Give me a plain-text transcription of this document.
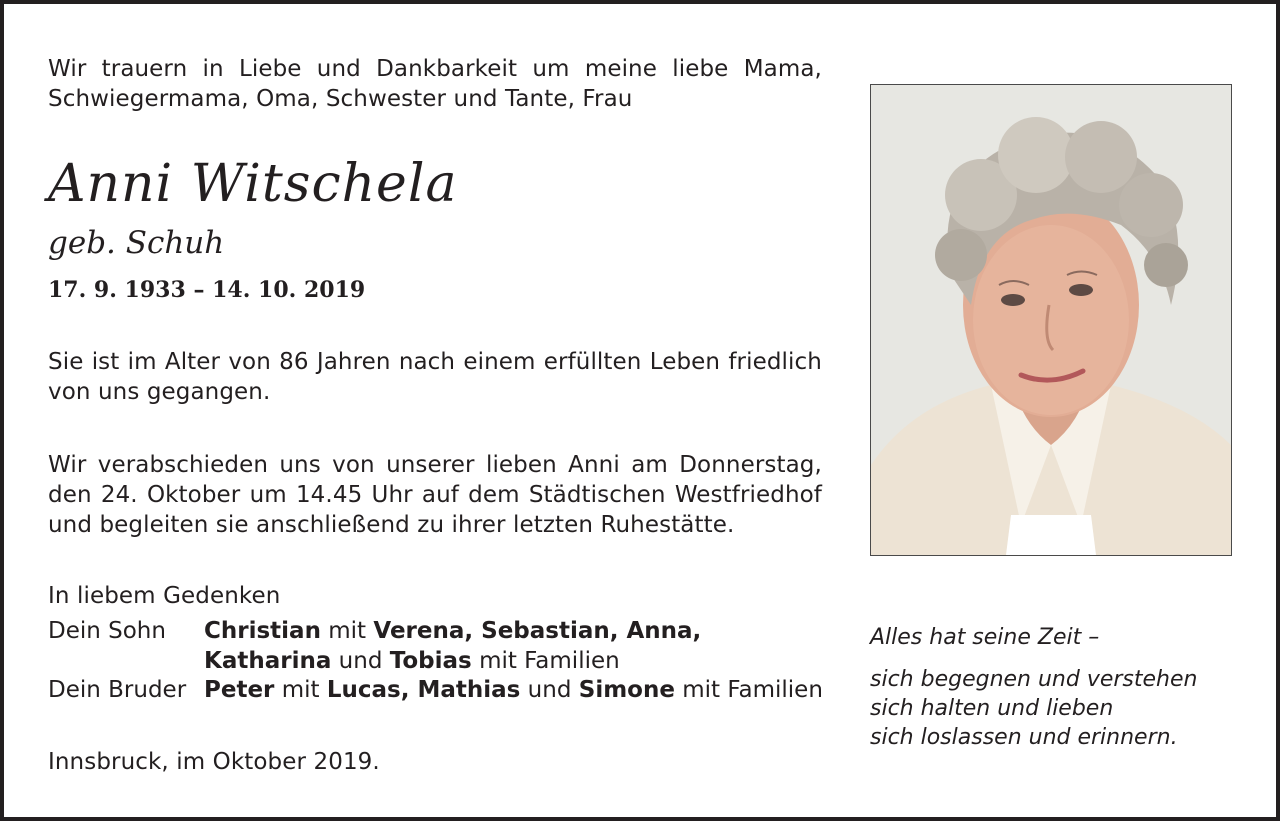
Wir trauern in Liebe und Dankbarkeit um meine liebe Mama,
Schwiegermama, Oma, Schwester und Tante, Frau
Anni Witschela
geb. Schuh
17. 9. 1933 – 14. 10. 2019
Sie ist im Alter von 86 Jahren nach einem erfüllten Leben friedlich
von uns gegangen.
Wir verabschieden uns von unserer lieben Anni am Donnerstag,
den 24. Oktober um 14.45 Uhr auf dem Städtischen Westfriedhof
und begleiten sie anschließend zu ihrer letzten Ruhestätte.
In liebem Gedenken
Dein Sohn Christian mit Verena, Sebastian, Anna,
Katharina und Tobias mit Familien
Dein Bruder Peter mit Lucas, Mathias und Simone mit Familien
Innsbruck, im Oktober 2019.
Alles hat seine Zeit –
sich begegnen und verstehen
sich halten und lieben
sich loslassen und erinnern.
